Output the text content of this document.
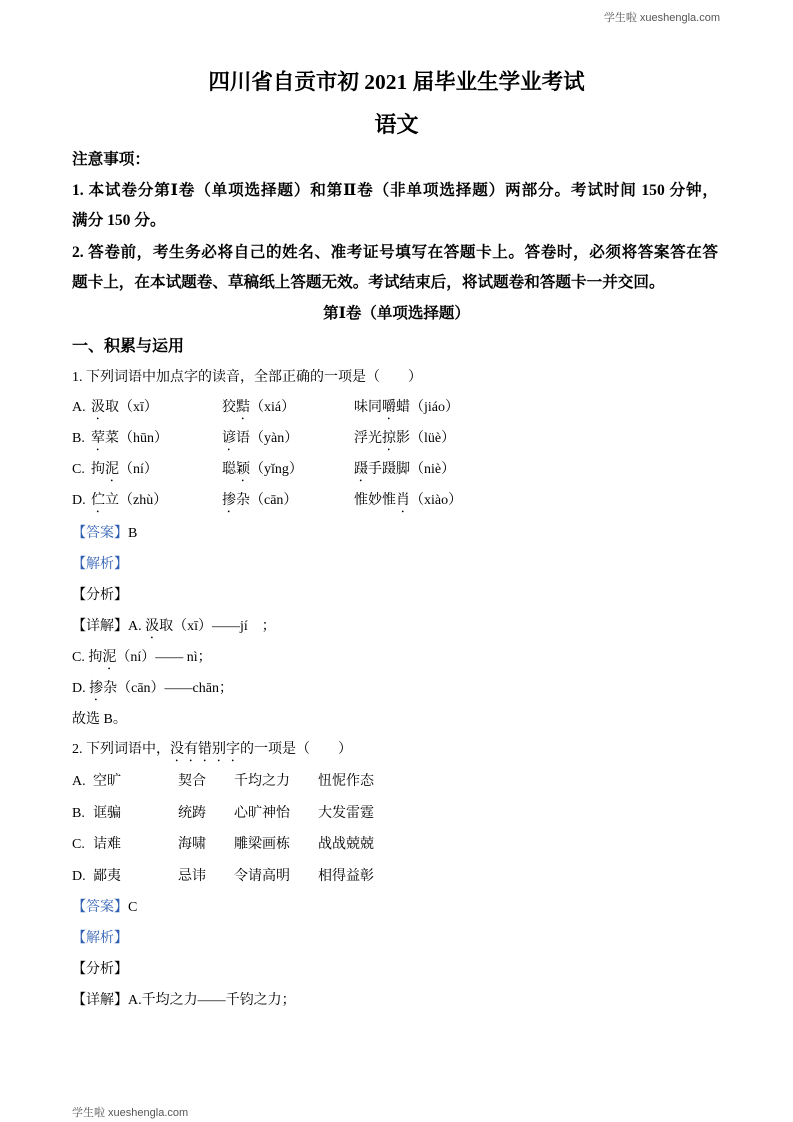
学生啦 xueshengla.com
四川省自贡市初 2021 届毕业生学业考试
语文
注意事项：
1. 本试卷分第Ⅰ卷（单项选择题）和第Ⅱ卷（非单项选择题）两部分。考试时间 150 分钟，
满分 150 分。
2. 答卷前，考生务必将自己的姓名、准考证号填写在答题卡上。答卷时，必须将答案答在答
题卡上，在本试题卷、草稿纸上答题无效。考试结束后，将试题卷和答题卡一并交回。
第Ⅰ卷（单项选择题）
一、积累与运用
1. 下列词语中加点字的读音，全部正确的一项是（　　）
A. 汲取（xī）	狡黠（xiá）	味同嚼蜡（jiáo）
B. 荤菜（hūn）	谚语（yàn）	浮光掠影（lüè）
C. 拘泥（ní）	聪颖（yǐng）	蹑手蹑脚（niè）
D. 伫立（zhù）	掺杂（cān）	惟妙惟肖（xiào）
【答案】B
【解析】
【分析】
【详解】A. 汲取（xī）——jí　；
C. 拘泥（ní）—— nì；
D. 掺杂（cān）——chān；
故选 B。
2. 下列词语中，没有错别字的一项是（　　）
A. 空旷	契合 千均之力 忸怩作态
B. 诓骗	统踌 心旷神怡 大发雷霆
C. 诘难	海啸 雕梁画栋 战战兢兢
D. 鄙夷	忌讳 令请高明 相得益彰
【答案】C
【解析】
【分析】
【详解】A.千均之力——千钧之力；
学生啦 xueshengla.com
